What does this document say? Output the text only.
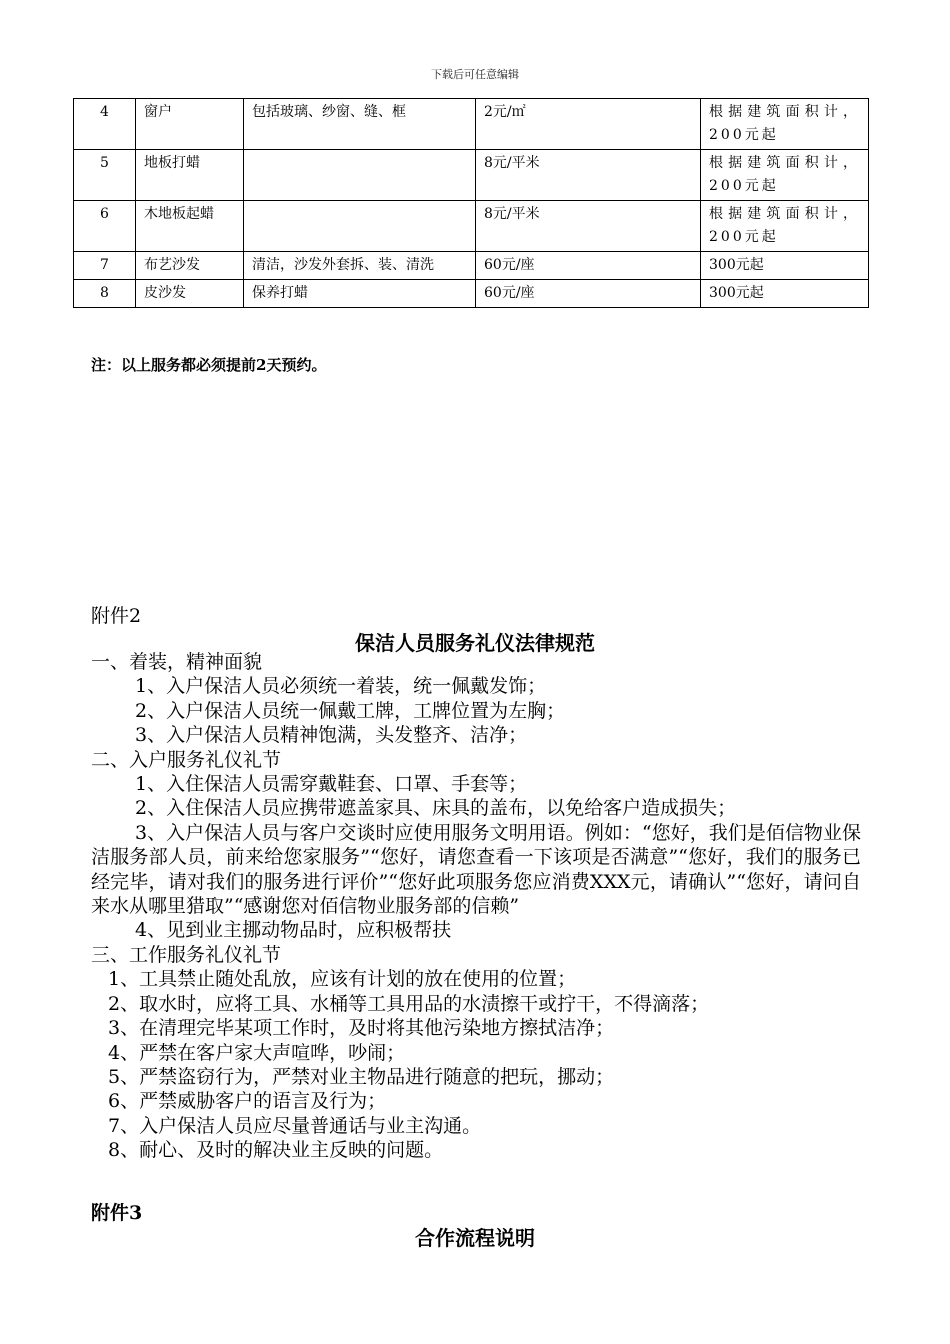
下载后可任意编辑
4	窗户	包括玻璃、纱窗、缝、框	2元/㎡	根据建筑面积计，200元起
5	地板打蜡		8元/平米	根据建筑面积计，200元起
6	木地板起蜡		8元/平米	根据建筑面积计，200元起
7	布艺沙发	清洁，沙发外套拆、装、清洗	60元/座	300元起
8	皮沙发	保养打蜡	60元/座	300元起
注：以上服务都必须提前2天预约。
附件2
保洁人员服务礼仪法律规范

一、着装，精神面貌

1、入户保洁人员必须统一着装，统一佩戴发饰；

2、入户保洁人员统一佩戴工牌，工牌位置为左胸；

3、入户保洁人员精神饱满，头发整齐、洁净；

二、入户服务礼仪礼节

1、入住保洁人员需穿戴鞋套、口罩、手套等；

2、入住保洁人员应携带遮盖家具、床具的盖布，以免给客户造成损失；

3、入户保洁人员与客户交谈时应使用服务文明用语。例如：“您好，我们是佰信物业保洁服务部人员，前来给您家服务”“您好，请您查看一下该项是否满意”“您好，我们的服务已经完毕，请对我们的服务进行评价”“您好此项服务您应消费XXX元，请确认”“您好，请问自来水从哪里猎取”“感谢您对佰信物业服务部的信赖”

4、见到业主挪动物品时，应积极帮扶

三、工作服务礼仪礼节

1、工具禁止随处乱放，应该有计划的放在使用的位置；

2、取水时，应将工具、水桶等工具用品的水渍擦干或拧干，不得滴落；

3、在清理完毕某项工作时，及时将其他污染地方擦拭洁净；

4、严禁在客户家大声喧哗，吵闹；

5、严禁盗窃行为，严禁对业主物品进行随意的把玩，挪动；

6、严禁威胁客户的语言及行为；

7、入户保洁人员应尽量普通话与业主沟通。

8、耐心、及时的解决业主反映的问题。

附件3
合作流程说明
